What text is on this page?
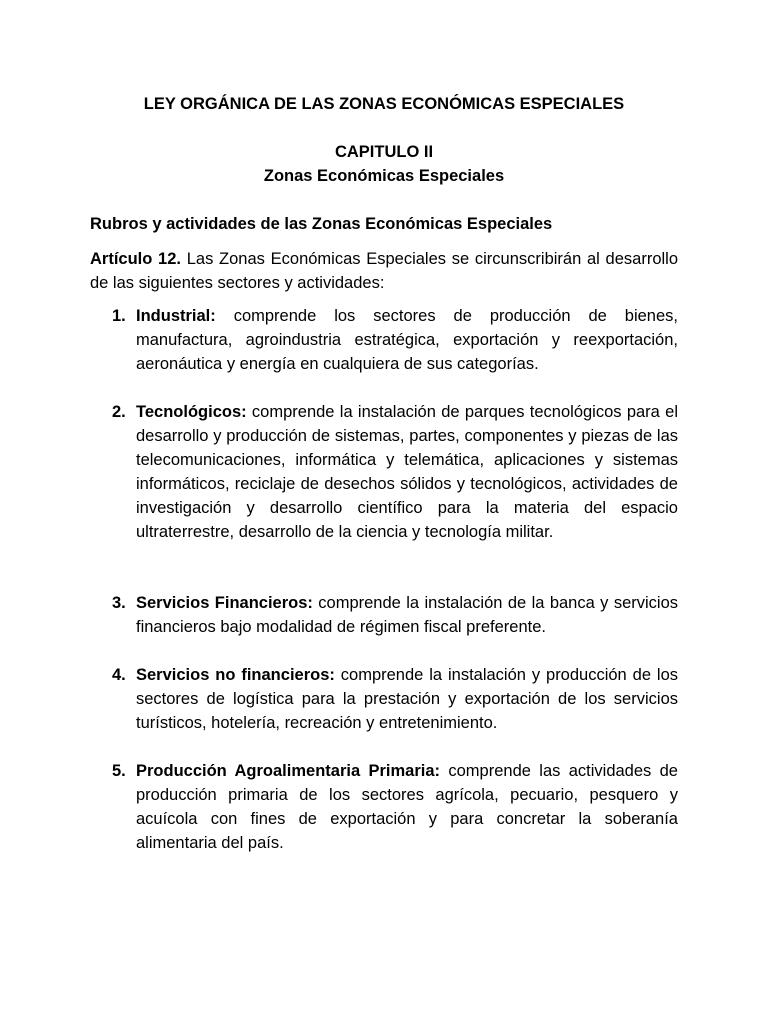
LEY ORGÁNICA DE LAS ZONAS ECONÓMICAS ESPECIALES
CAPITULO II
Zonas Económicas Especiales
Rubros y actividades de las Zonas Económicas Especiales
Artículo 12. Las Zonas Económicas Especiales se circunscribirán al desarrollo de las siguientes sectores y actividades:
1. Industrial: comprende los sectores de producción de bienes, manufactura, agroindustria estratégica, exportación y reexportación, aeronáutica y energía en cualquiera de sus categorías.
2. Tecnológicos: comprende la instalación de parques tecnológicos para el desarrollo y producción de sistemas, partes, componentes y piezas de las telecomunicaciones, informática y telemática, aplicaciones y sistemas informáticos, reciclaje de desechos sólidos y tecnológicos, actividades de investigación y desarrollo científico para la materia del espacio ultraterrestre, desarrollo de la ciencia y tecnología militar.
3. Servicios Financieros: comprende la instalación de la banca y servicios financieros bajo modalidad de régimen fiscal preferente.
4. Servicios no financieros: comprende la instalación y producción de los sectores de logística para la prestación y exportación de los servicios turísticos, hotelería, recreación y entretenimiento.
5. Producción Agroalimentaria Primaria: comprende las actividades de producción primaria de los sectores agrícola, pecuario, pesquero y acuícola con fines de exportación y para concretar la soberanía alimentaria del país.
